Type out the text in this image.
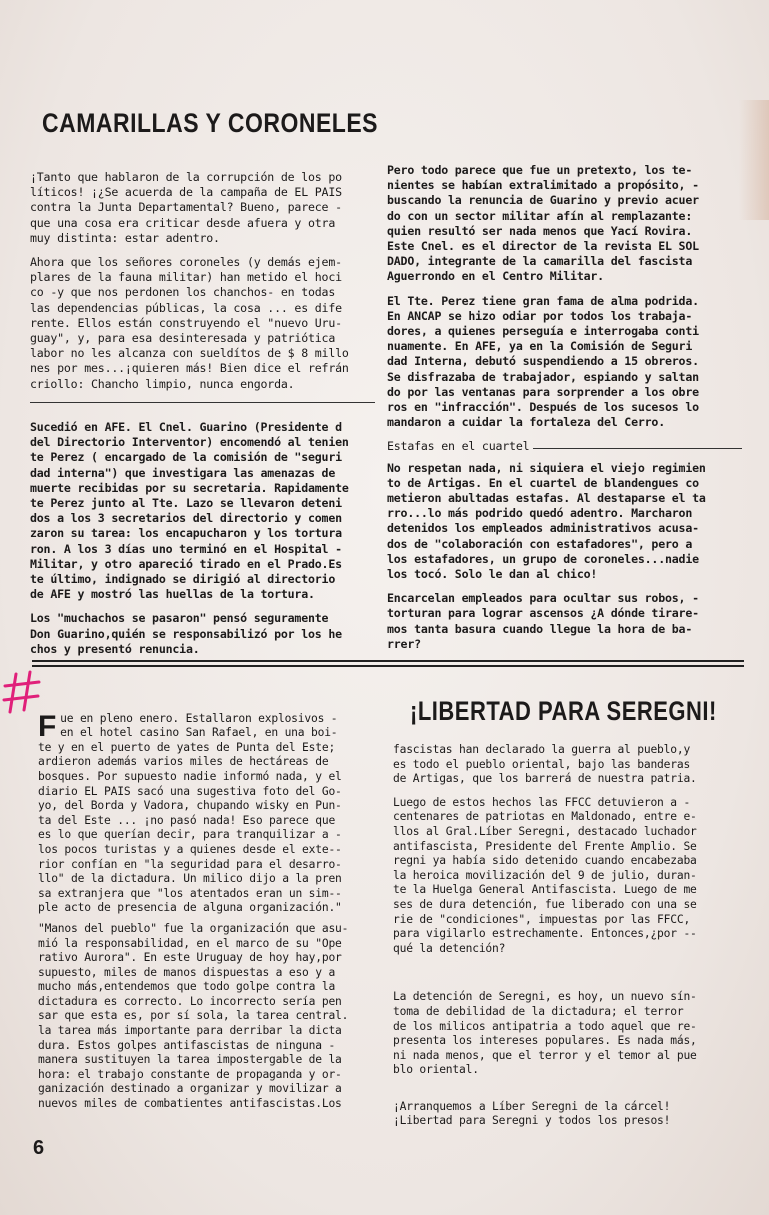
CAMARILLAS Y CORONELES

¡Tanto que hablaron de la corrupción de los po
líticos! ¡¿Se acuerda de la campaña de EL PAIS
contra la Junta Departamental? Bueno, parece -
que una cosa era criticar desde afuera y otra
muy distinta: estar adentro.

Ahora que los señores coroneles (y demás ejem-
plares de la fauna militar) han metido el hoci
co -y que nos perdonen los chanchos- en todas
las dependencias públicas, la cosa ... es dife
rente. Ellos están construyendo el "nuevo Uru-
guay", y, para esa desinteresada y patriótica
labor no les alcanza con sueldítos de $ 8 millo
nes por mes...¡quieren más! Bien dice el refrán
criollo: Chancho limpio, nunca engorda.

Sucedió en AFE. El Cnel. Guarino (Presidente d
del Directorio Interventor) encomendó al tenien
te Perez ( encargado de la comisión de "seguri
dad interna") que investigara las amenazas de
muerte recibidas por su secretaria. Rapidamente
te Perez junto al Tte. Lazo se llevaron deteni
dos a los 3 secretarios del directorio y comen
zaron su tarea: los encapucharon y los tortura
ron. A los 3 días uno terminó en el Hospital -
Militar, y otro apareció tirado en el Prado.Es
te último, indignado se dirigió al directorio
de AFE y mostró las huellas de la tortura.

Los "muchachos se pasaron" pensó seguramente
Don Guarino,quién se responsabilizó por los he
chos y presentó renuncia.

Pero todo parece que fue un pretexto, los te-
nientes se habían extralimitado a propósito, -
buscando la renuncia de Guarino y previo acuer
do con un sector militar afín al remplazante:
quien resultó ser nada menos que Yací Rovira.
Este Cnel. es el director de la revista EL SOL
DADO, integrante de la camarilla del fascista
Aguerrondo en el Centro Militar.

El Tte. Perez tiene gran fama de alma podrida.
En ANCAP se hizo odiar por todos los trabaja-
dores, a quienes perseguía e interrogaba conti
nuamente. En AFE, ya en la Comisión de Seguri
dad Interna, debutó suspendiendo a 15 obreros.
Se disfrazaba de trabajador, espiando y saltan
do por las ventanas para sorprender a los obre
ros en "infracción". Después de los sucesos lo
mandaron a cuidar la fortaleza del Cerro.

Estafas en el cuartel

No respetan nada, ni siquiera el viejo regimien
to de Artigas. En el cuartel de blandengues co
metieron abultadas estafas. Al destaparse el ta
rro...lo más podrido quedó adentro. Marcharon
detenidos los empleados administrativos acusa-
dos de "colaboración con estafadores", pero a
los estafadores, un grupo de coroneles...nadie
los tocó. Solo le dan al chico!

Encarcelan empleados para ocultar sus robos, -
torturan para lograr ascensos ¿A dónde tirare-
mos tanta basura cuando llegue la hora de ba-
rrer?

Fue en pleno enero. Estallaron explosivos -
en el hotel casino San Rafael, en una boi-
te y en el puerto de yates de Punta del Este;
ardieron además varios miles de hectáreas de
bosques. Por supuesto nadie informó nada, y el
diario EL PAIS sacó una sugestiva foto del Go-
yo, del Borda y Vadora, chupando wisky en Pun-
ta del Este ... ¡no pasó nada! Eso parece que
es lo que querían decir, para tranquilizar a -
los pocos turistas y a quienes desde el exte--
rior confían en "la seguridad para el desarro-
llo" de la dictadura. Un milico dijo a la pren
sa extranjera que "los atentados eran un sim--
ple acto de presencia de alguna organización."

"Manos del pueblo" fue la organización que asu-
mió la responsabilidad, en el marco de su "Ope
rativo Aurora". En este Uruguay de hoy hay,por
supuesto, miles de manos dispuestas a eso y a
mucho más,entendemos que todo golpe contra la
dictadura es correcto. Lo incorrecto sería pen
sar que esta es, por sí sola, la tarea central.
la tarea más importante para derribar la dicta
dura. Estos golpes antifascistas de ninguna -
manera sustituyen la tarea impostergable de la
hora: el trabajo constante de propaganda y or-
ganización destinado a organizar y movilizar a
nuevos miles de combatientes antifascistas.Los

¡LIBERTAD PARA SEREGNI!

fascistas han declarado la guerra al pueblo,y
es todo el pueblo oriental, bajo las banderas
de Artigas, que los barrerá de nuestra patria.

Luego de estos hechos las FFCC detuvieron a -
centenares de patriotas en Maldonado, entre e-
llos al Gral.Líber Seregni, destacado luchador
antifascista, Presidente del Frente Amplio. Se
regni ya había sido detenido cuando encabezaba
la heroica movilización del 9 de julio, duran-
te la Huelga General Antifascista. Luego de me
ses de dura detención, fue liberado con una se
rie de "condiciones", impuestas por las FFCC,
para vigilarlo estrechamente. Entonces,¿por --
qué la detención?

La detención de Seregni, es hoy, un nuevo sín-
toma de debilidad de la dictadura; el terror
de los milicos antipatria a todo aquel que re-
presenta los intereses populares. Es nada más,
ni nada menos, que el terror y el temor al pue
blo oriental.

¡Arranquemos a Líber Seregni de la cárcel!
¡Libertad para Seregni y todos los presos!

6
